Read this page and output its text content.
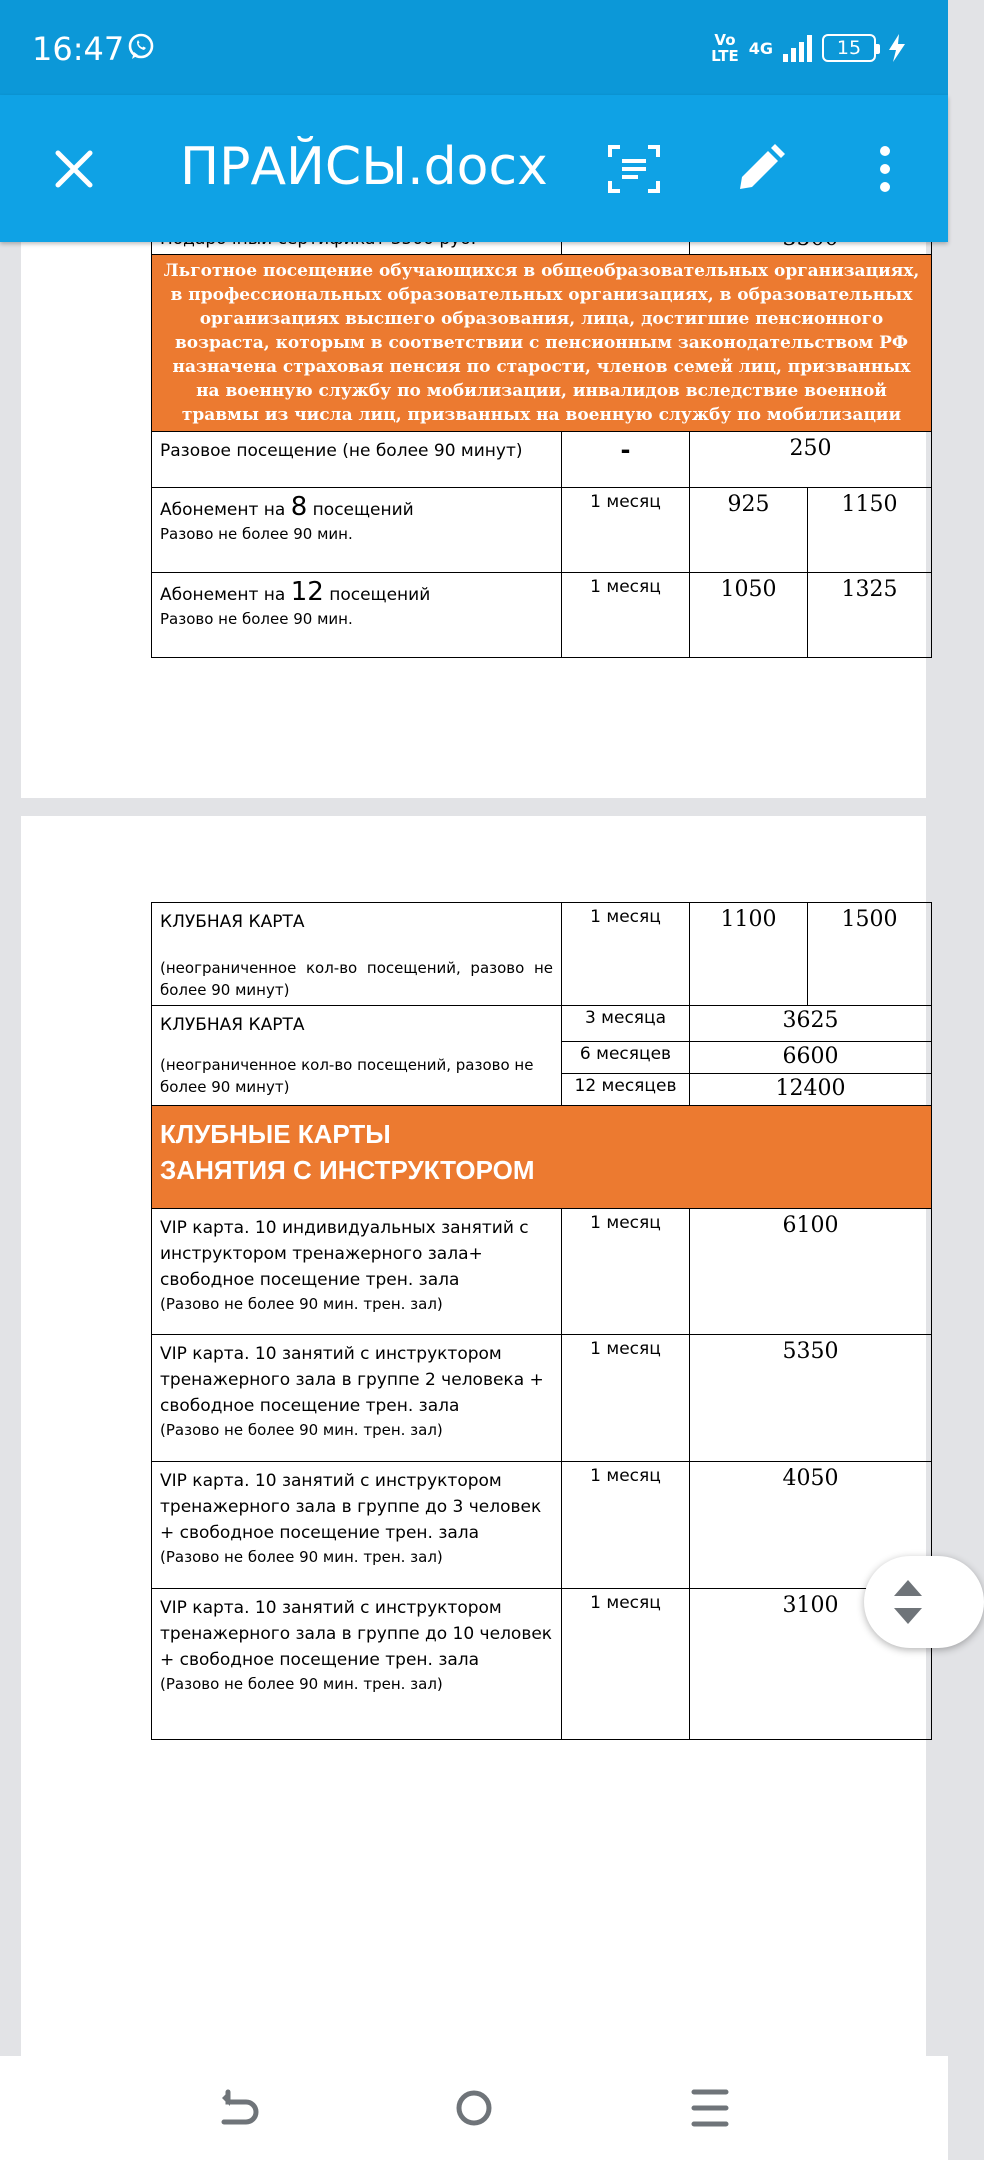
16:47	Vo
LTE 4G	15
ПРАЙСЫ.docx

Льготное посещение обучающихся в общеобразовательных организациях, в профессиональных образовательных организациях, в образовательных организациях высшего образования, лица, достигшие пенсионного возраста, которым в соответствии с пенсионным законодательством РФ назначена страховая пенсия по старости, членов семей лиц, призванных на военную службу по мобилизации, инвалидов вследствие военной травмы из числа лиц, призванных на военную службу по мобилизации			
Разовое посещение (не более 90 минут)	-	250	
Абонемент на 8 посещений
Разово не более 90 мин.	1 месяц	925	1150
Абонемент на 12 посещений
Разово не более 90 мин.	1 месяц	1050	1325
КЛУБНАЯ КАРТА
(неограниченное кол-во посещений, разово не более 90 минут)	1 месяц	1100	1500
КЛУБНАЯ КАРТА
(неограниченное кол-во посещений, разово не более 90 минут)	3 месяца	3625	
	6 месяцев	6600	
	12 месяцев	12400	

КЛУБНЫЕ КАРТЫ
ЗАНЯТИЯ С ИНСТРУКТОРОМ			

VIP карта. 10 индивидуальных занятий с инструктором тренажерного зала+ свободное посещение трен. зала
(Разово не более 90 мин. трен. зал)	1 месяц	6100	
VIP карта. 10 занятий с инструктором тренажерного зала в группе 2 человека + свободное посещение трен. зала
(Разово не более 90 мин. трен. зал)	1 месяц	5350	
VIP карта. 10 занятий с инструктором тренажерного зала в группе до 3 человек + свободное посещение трен. зала
(Разово не более 90 мин. трен. зал)	1 месяц	4050	
VIP карта. 10 занятий с инструктором тренажерного зала в группе до 10 человек + свободное посещение трен. зала
(Разово не более 90 мин. трен. зал)	1 месяц	3100	
